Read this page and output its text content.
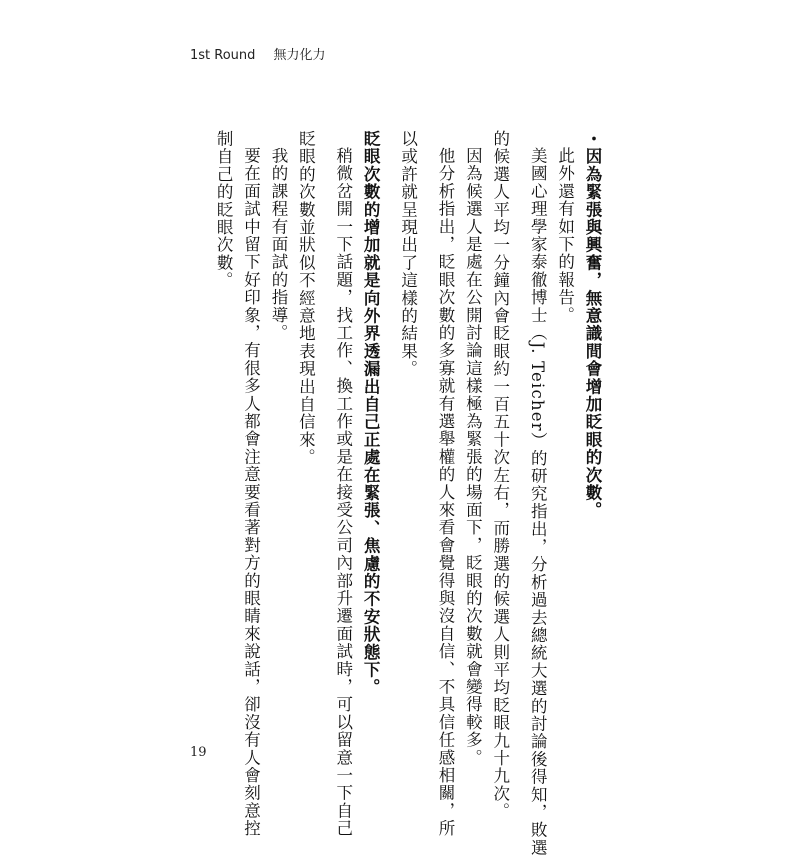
1st Round 無力化力
・因為緊張與興奮，無意識間會增加眨眼的次數。
此外還有如下的報告。
美國心理學家泰徹博士（J. Teicher）的研究指出，分析過去總統大選的討論後得知，敗選
的候選人平均一分鐘內會眨眼約一百五十次左右，而勝選的候選人則平均眨眼九十九次。
因為候選人是處在公開討論這樣極為緊張的場面下，眨眼的次數就會變得較多。
他分析指出，眨眼次數的多寡就有選舉權的人來看會覺得與沒自信、不具信任感相關，所
以或許就呈現出了這樣的結果。
眨眼次數的增加就是向外界透漏出自己正處在緊張、焦慮的不安狀態下。
稍微岔開一下話題，找工作、換工作或是在接受公司內部升遷面試時，可以留意一下自己
眨眼的次數並狀似不經意地表現出自信來。
我的課程有面試的指導。
要在面試中留下好印象，有很多人都會注意要看著對方的眼睛來說話，卻沒有人會刻意控
制自己的眨眼次數。
19
